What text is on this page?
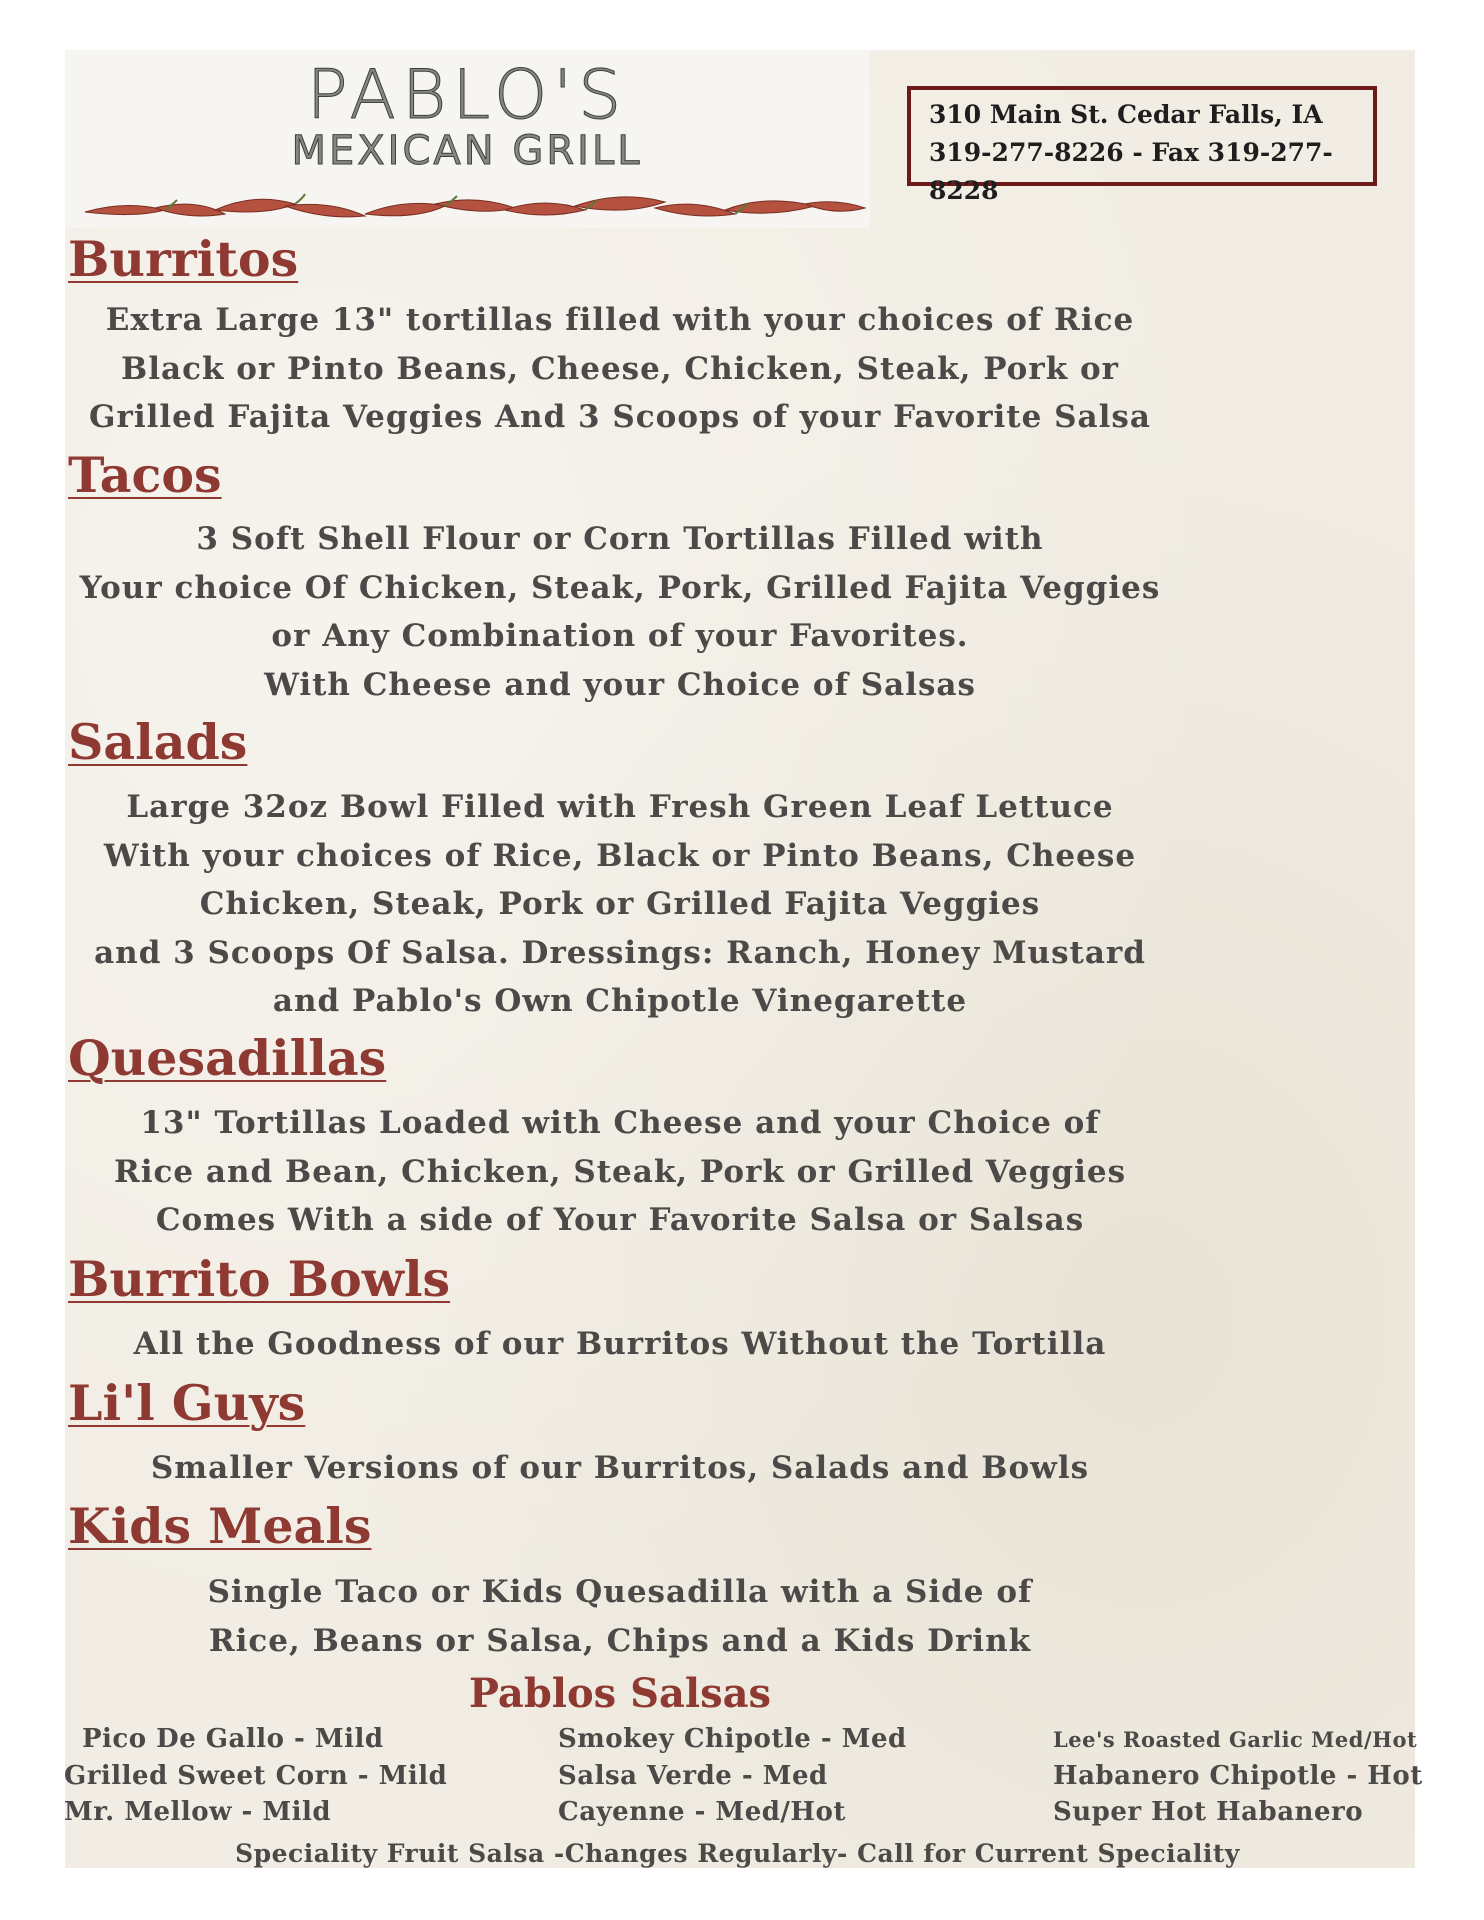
PABLO'S
MEXICAN GRILL
310 Main St. Cedar Falls, IA
319-277-8226 - Fax 319-277-8228
Burritos
Extra Large 13" tortillas filled with your choices of Rice
Black or Pinto Beans, Cheese, Chicken, Steak, Pork or
Grilled Fajita Veggies And 3 Scoops of your Favorite Salsa
Tacos
3 Soft Shell Flour or Corn Tortillas Filled with
Your choice Of Chicken, Steak, Pork, Grilled Fajita Veggies
or Any Combination of your Favorites.
With Cheese and your Choice of Salsas
Salads
Large 32oz Bowl Filled with Fresh Green Leaf Lettuce
With your choices of Rice, Black or Pinto Beans, Cheese
Chicken, Steak, Pork or Grilled Fajita Veggies
and 3 Scoops Of Salsa. Dressings: Ranch, Honey Mustard
and Pablo's Own Chipotle Vinegarette
Quesadillas
13" Tortillas Loaded with Cheese and your Choice of
Rice and Bean, Chicken, Steak, Pork or Grilled Veggies
Comes With a side of Your Favorite Salsa or Salsas
Burrito Bowls
All the Goodness of our Burritos Without the Tortilla
Li'l Guys
Smaller Versions of our Burritos, Salads and Bowls
Kids Meals
Single Taco or Kids Quesadilla with a Side of
Rice, Beans or Salsa, Chips and a Kids Drink
Pablos Salsas
Pico De Gallo - Mild
Grilled Sweet Corn - Mild
Mr. Mellow - Mild
Smokey Chipotle - Med
Salsa Verde - Med
Cayenne - Med/Hot
Lee's Roasted Garlic Med/Hot
Habanero Chipotle - Hot
Super Hot Habanero
Speciality Fruit Salsa -Changes Regularly- Call for Current Speciality
